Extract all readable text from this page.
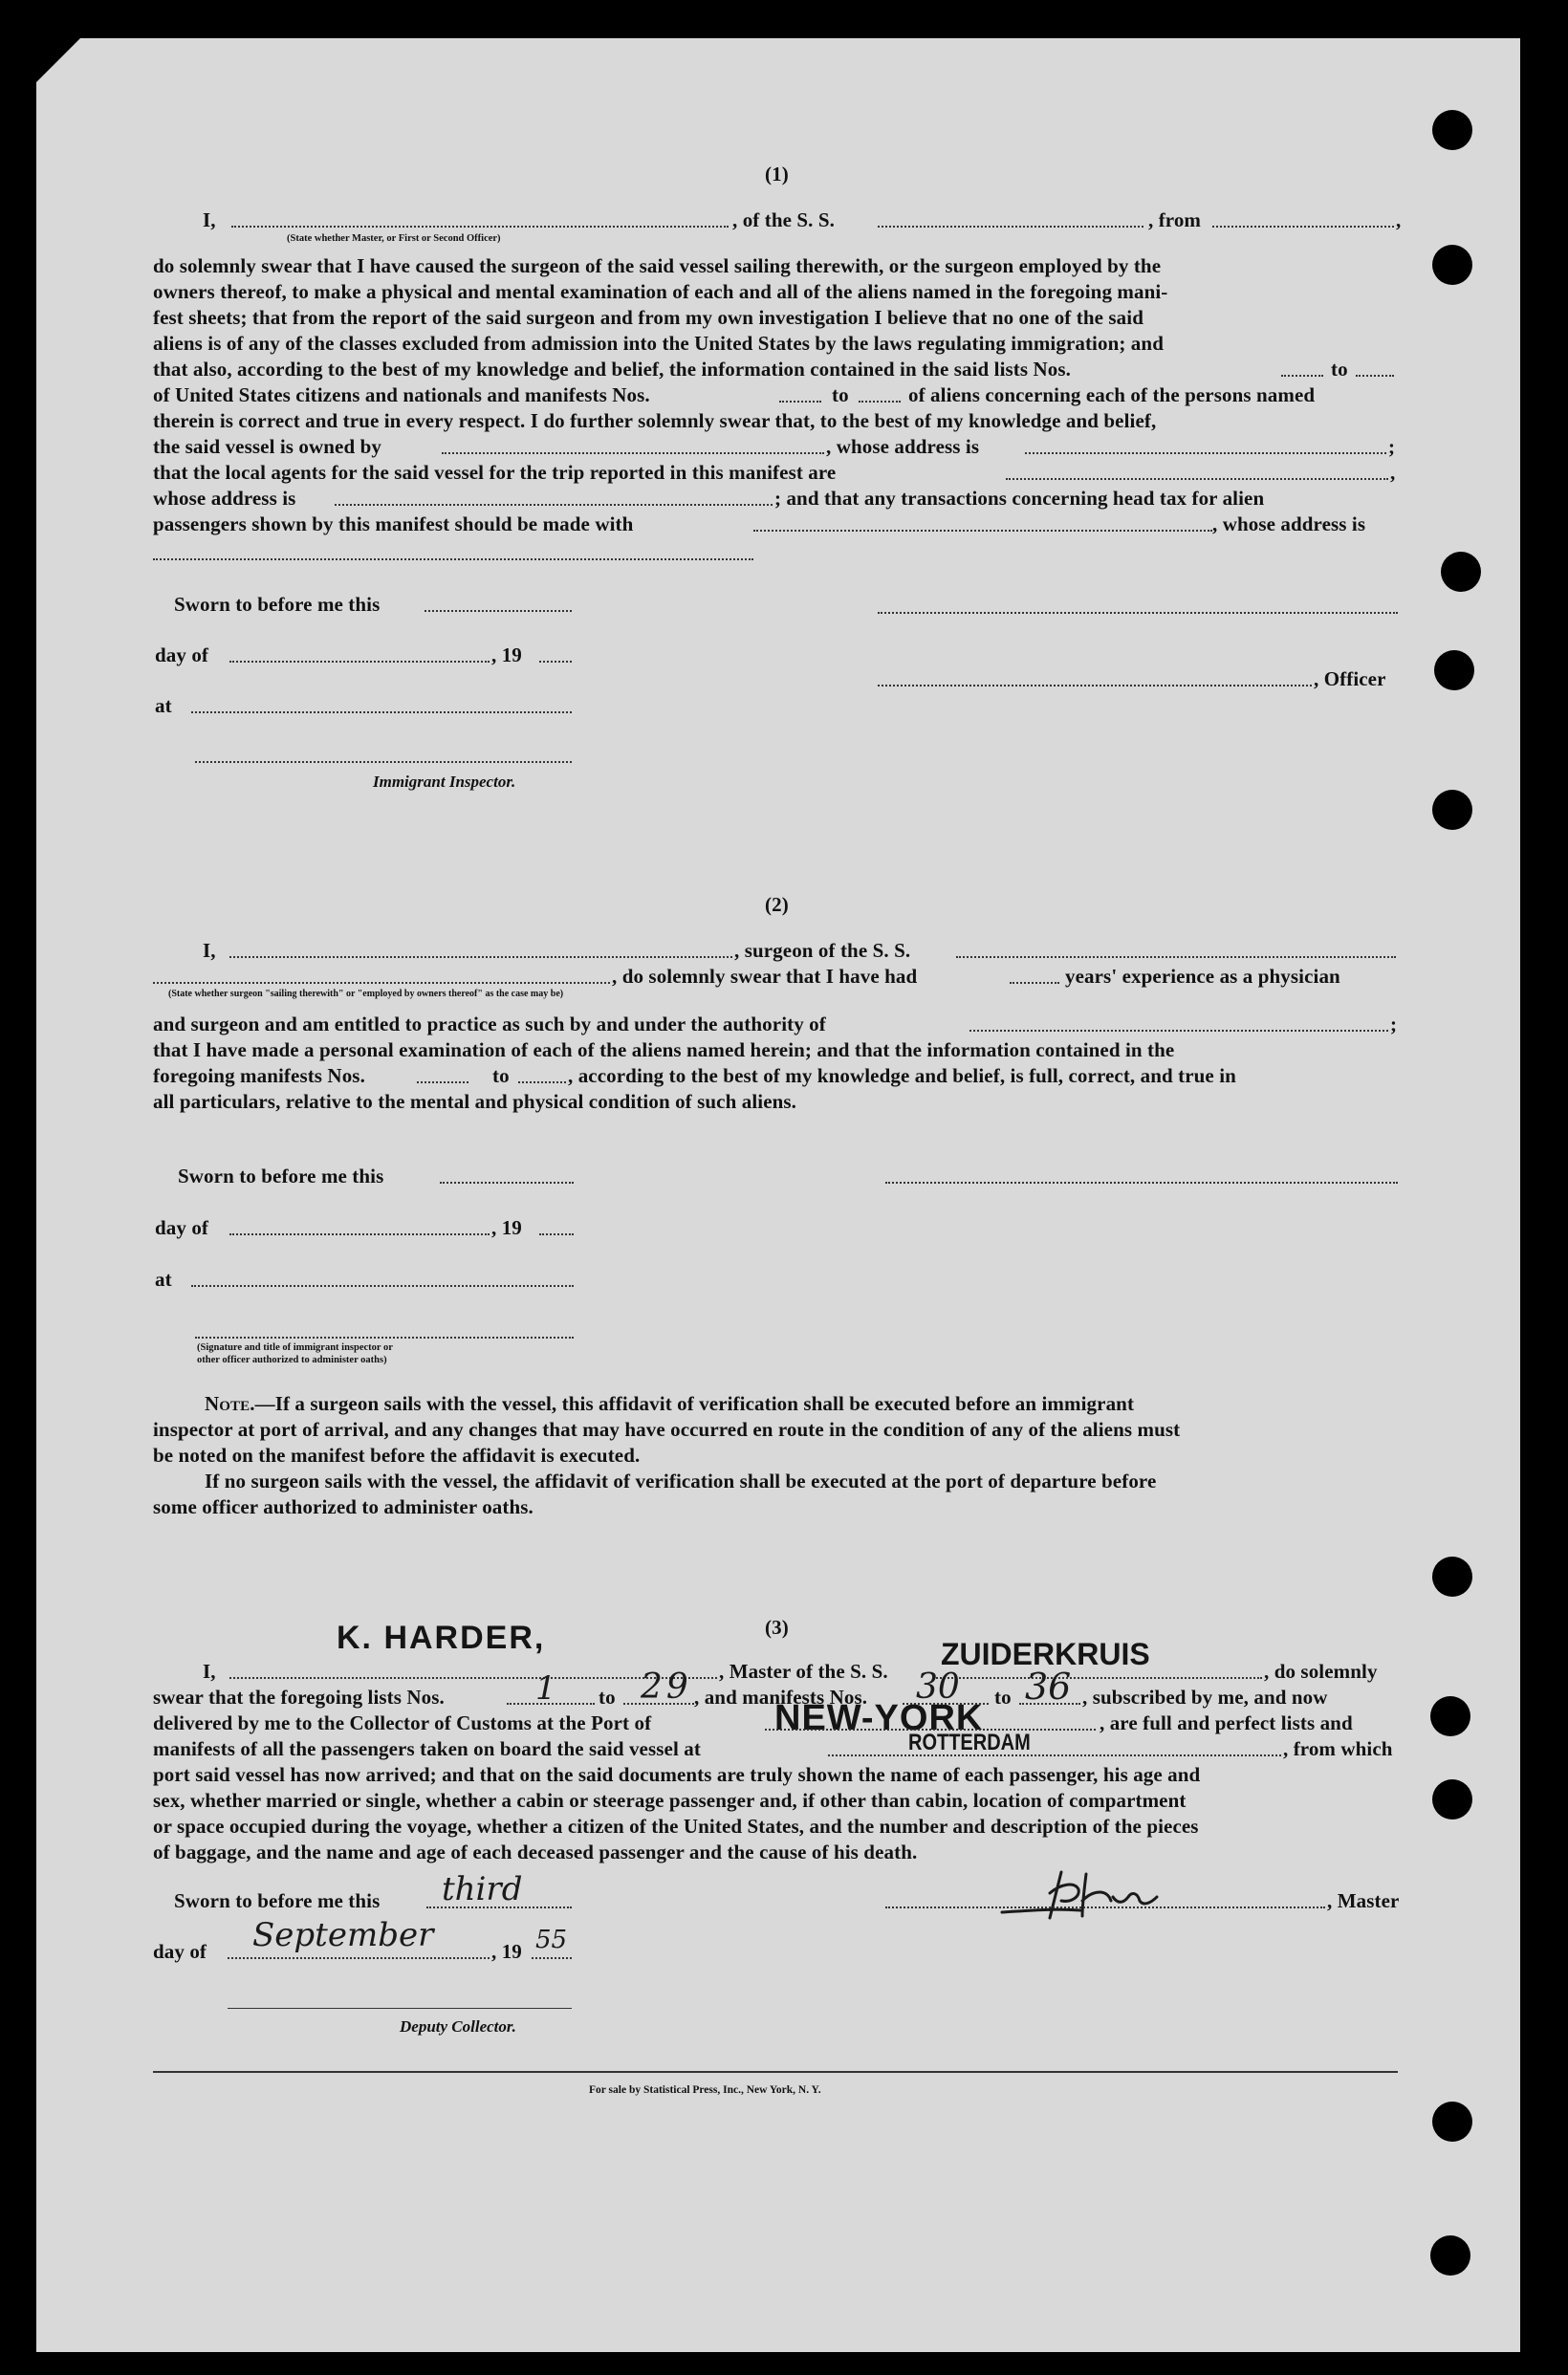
(1)
I,	, of the S. S.	, from	,
(State whether Master, or First or Second Officer)
do solemnly swear that I have caused the surgeon of the said vessel sailing therewith, or the surgeon employed by the
owners thereof, to make a physical and mental examination of each and all of the aliens named in the foregoing mani-
fest sheets; that from the report of the said surgeon and from my own investigation I believe that no one of the said
aliens is of any of the classes excluded from admission into the United States by the laws regulating immigration; and
that also, according to the best of my knowledge and belief, the information contained in the said lists Nos.	to
of United States citizens and nationals and manifests Nos.	to	of aliens concerning each of the persons named
therein is correct and true in every respect. I do further solemnly swear that, to the best of my knowledge and belief,
the said vessel is owned by	, whose address is	;
that the local agents for the said vessel for the trip reported in this manifest are	,
whose address is	; and that any transactions concerning head tax for alien
passengers shown by this manifest should be made with	, whose address is
Sworn to before me this
day of	, 19
, Officer
at
Immigrant Inspector.
(2)
I,	, surgeon of the S. S.
, do solemnly swear that I have had	years' experience as a physician
(State whether surgeon "sailing therewith" or "employed by owners thereof" as the case may be)
and surgeon and am entitled to practice as such by and under the authority of	;
that I have made a personal examination of each of the aliens named herein; and that the information contained in the
foregoing manifests Nos.	to	, according to the best of my knowledge and belief, is full, correct, and true in
all particulars, relative to the mental and physical condition of such aliens.
Sworn to before me this
day of	, 19
at
(Signature and title of immigrant inspector or
other officer authorized to administer oaths)
Note.—If a surgeon sails with the vessel, this affidavit of verification shall be executed before an immigrant
inspector at port of arrival, and any changes that may have occurred en route in the condition of any of the aliens must
be noted on the manifest before the affidavit is executed.
If no surgeon sails with the vessel, the affidavit of verification shall be executed at the port of departure before
some officer authorized to administer oaths.
(3)
K. HARDER,	ZUIDERKRUIS
I,	, Master of the S. S.	, do solemnly
swear that the foregoing lists Nos.	1 to 29 , and manifests Nos. 30 to 36 , subscribed by me, and now
delivered by me to the Collector of Customs at the Port of	NEW-YORK	, are full and perfect lists and
manifests of all the passengers taken on board the said vessel at	ROTTERDAM	, from which
port said vessel has now arrived; and that on the said documents are truly shown the name of each passenger, his age and
sex, whether married or single, whether a cabin or steerage passenger and, if other than cabin, location of compartment
or space occupied during the voyage, whether a citizen of the United States, and the number and description of the pieces
of baggage, and the name and age of each deceased passenger and the cause of his death.
Sworn to before me this third	, Master
day of September	, 19 55
Deputy Collector.
For sale by Statistical Press, Inc., New York, N. Y.
